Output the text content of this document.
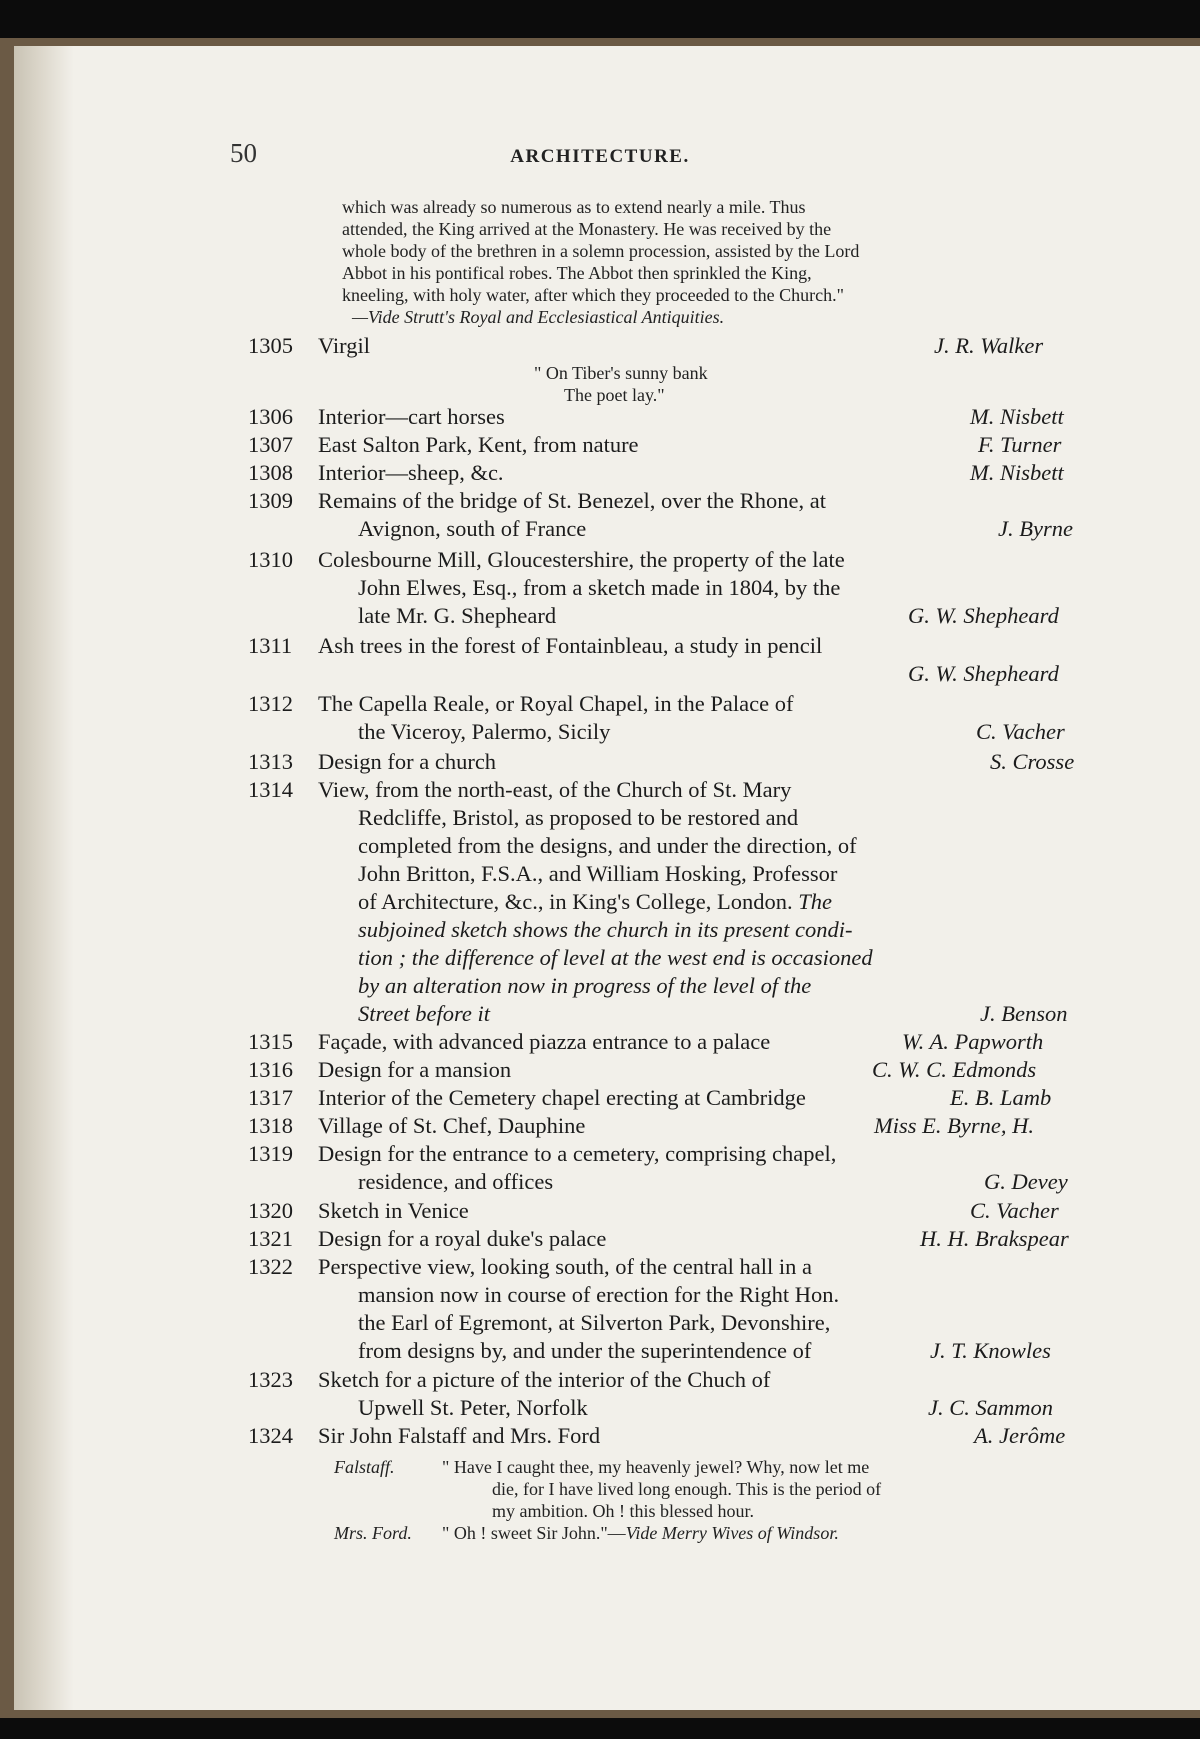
50	ARCHITECTURE.
which was already so numerous as to extend nearly a mile. Thus
attended, the King arrived at the Monastery. He was received by the
whole body of the brethren in a solemn procession, assisted by the Lord
Abbot in his pontifical robes. The Abbot then sprinkled the King,
kneeling, with holy water, after which they proceeded to the Church."
—Vide Strutt's Royal and Ecclesiastical Antiquities.
1305 Virgil	J. R. Walker
" On Tiber's sunny bank
The poet lay."
1306 Interior—cart horses	M. Nisbett
1307 East Salton Park, Kent, from nature	F. Turner
1308 Interior—sheep, &c.	M. Nisbett
1309 Remains of the bridge of St. Benezel, over the Rhone, at
Avignon, south of France	J. Byrne
1310 Colesbourne Mill, Gloucestershire, the property of the late
John Elwes, Esq., from a sketch made in 1804, by the
late Mr. G. Shepheard	G. W. Shepheard
1311 Ash trees in the forest of Fontainbleau, a study in pencil
G. W. Shepheard
1312 The Capella Reale, or Royal Chapel, in the Palace of
the Viceroy, Palermo, Sicily	C. Vacher
1313 Design for a church	S. Crosse
1314 View, from the north-east, of the Church of St. Mary
Redcliffe, Bristol, as proposed to be restored and
completed from the designs, and under the direction, of
John Britton, F.S.A., and William Hosking, Professor
of Architecture, &c., in King's College, London. The
subjoined sketch shows the church in its present condi-
tion ; the difference of level at the west end is occasioned
by an alteration now in progress of the level of the
Street before it	J. Benson
1315 Façade, with advanced piazza entrance to a palace	W. A. Papworth
1316 Design for a mansion	C. W. C. Edmonds
1317 Interior of the Cemetery chapel erecting at Cambridge	E. B. Lamb
1318 Village of St. Chef, Dauphine	Miss E. Byrne, H.
1319 Design for the entrance to a cemetery, comprising chapel,
residence, and offices	G. Devey
1320 Sketch in Venice	C. Vacher
1321 Design for a royal duke's palace	H. H. Brakspear
1322 Perspective view, looking south, of the central hall in a
mansion now in course of erection for the Right Hon.
the Earl of Egremont, at Silverton Park, Devonshire,
from designs by, and under the superintendence of	J. T. Knowles
1323 Sketch for a picture of the interior of the Chuch of
Upwell St. Peter, Norfolk	J. C. Sammon
1324 Sir John Falstaff and Mrs. Ford	A. Jerôme
Falstaff.	" Have I caught thee, my heavenly jewel? Why, now let me
die, for I have lived long enough. This is the period of
my ambition. Oh ! this blessed hour.
Mrs. Ford. " Oh ! sweet Sir John."—Vide Merry Wives of Windsor.
